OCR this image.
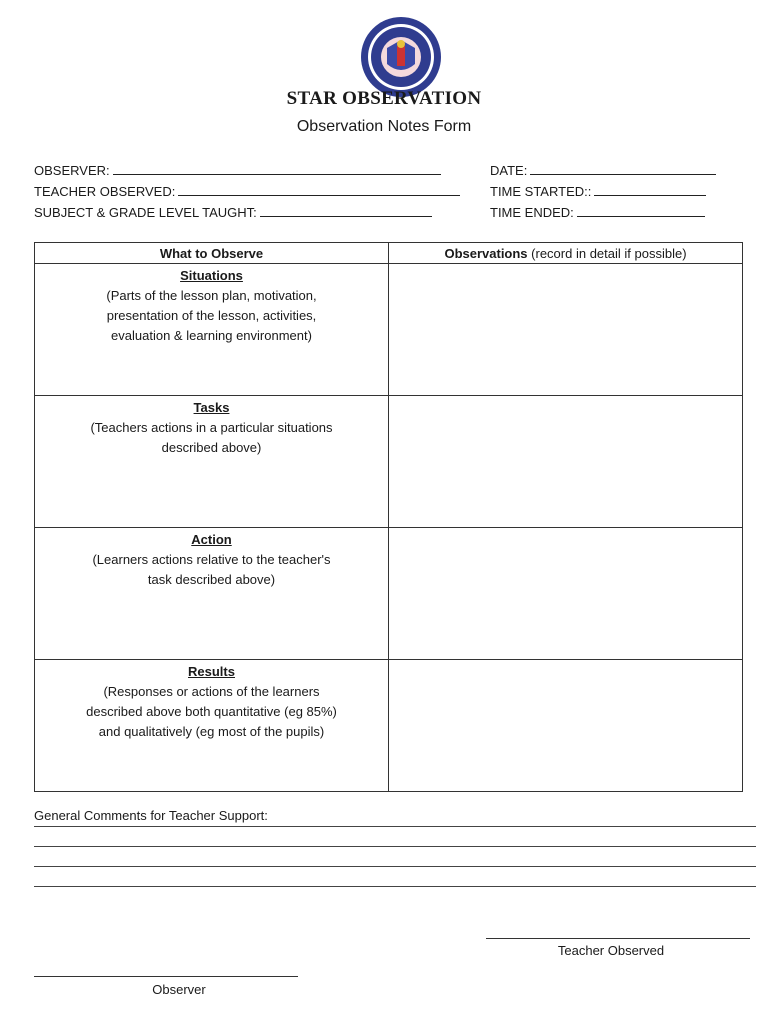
STAR OBSERVATION
Observation Notes Form
OBSERVER:
TEACHER OBSERVED:
SUBJECT & GRADE LEVEL TAUGHT:
DATE:
TIME STARTED::
TIME ENDED:
What to Observe	Observations (record in detail if possible)

Situations
(Parts of the lesson plan, motivation,
presentation of the lesson, activities,
evaluation & learning environment)	

Tasks
(Teachers actions in a particular situations
described above)	

Action
(Learners actions relative to the teacher's
task described above)	

Results
(Responses or actions of the learners
described above both quantitative (eg 85%)
and qualitatively (eg most of the pupils)	

General Comments for Teacher Support:
Teacher Observed
Observer
